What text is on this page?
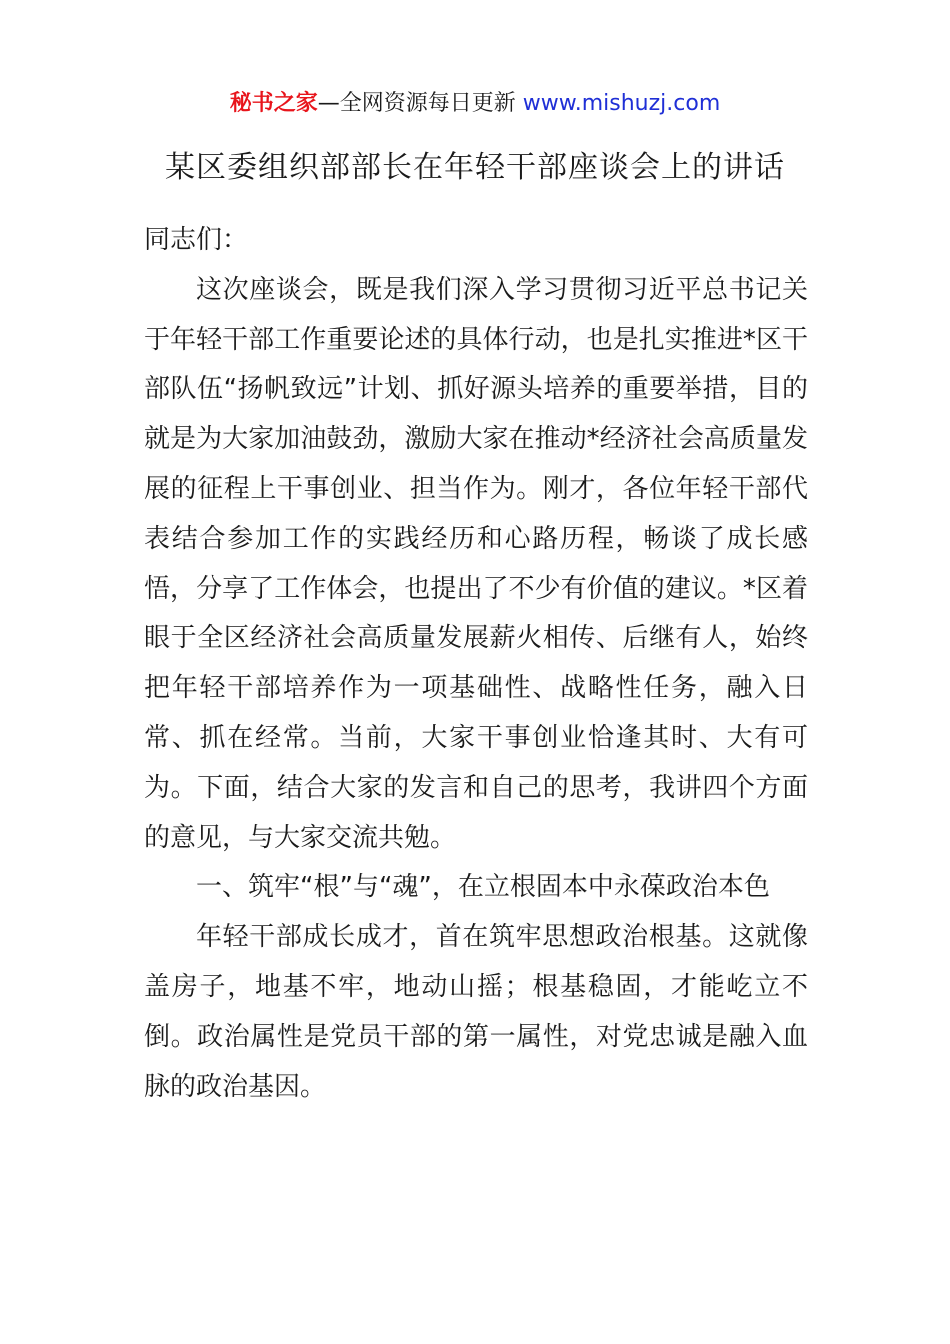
秘书之家—全网资源每日更新 www.mishuzj.com
某区委组织部部长在年轻干部座谈会上的讲话

同志们：

这次座谈会，既是我们深入学习贯彻习近平总书记关于年轻干部工作重要论述的具体行动，也是扎实推进*区干部队伍“扬帆致远”计划、抓好源头培养的重要举措，目的就是为大家加油鼓劲，激励大家在推动*经济社会高质量发展的征程上干事创业、担当作为。刚才，各位年轻干部代表结合参加工作的实践经历和心路历程，畅谈了成长感悟，分享了工作体会，也提出了不少有价值的建议。*区着眼于全区经济社会高质量发展薪火相传、后继有人，始终把年轻干部培养作为一项基础性、战略性任务，融入日常、抓在经常。当前，大家干事创业恰逢其时、大有可为。下面，结合大家的发言和自己的思考，我讲四个方面的意见，与大家交流共勉。

一、筑牢“根”与“魂”，在立根固本中永葆政治本色

年轻干部成长成才，首在筑牢思想政治根基。这就像盖房子，地基不牢，地动山摇；根基稳固，才能屹立不倒。政治属性是党员干部的第一属性，对党忠诚是融入血脉的政治基因。
